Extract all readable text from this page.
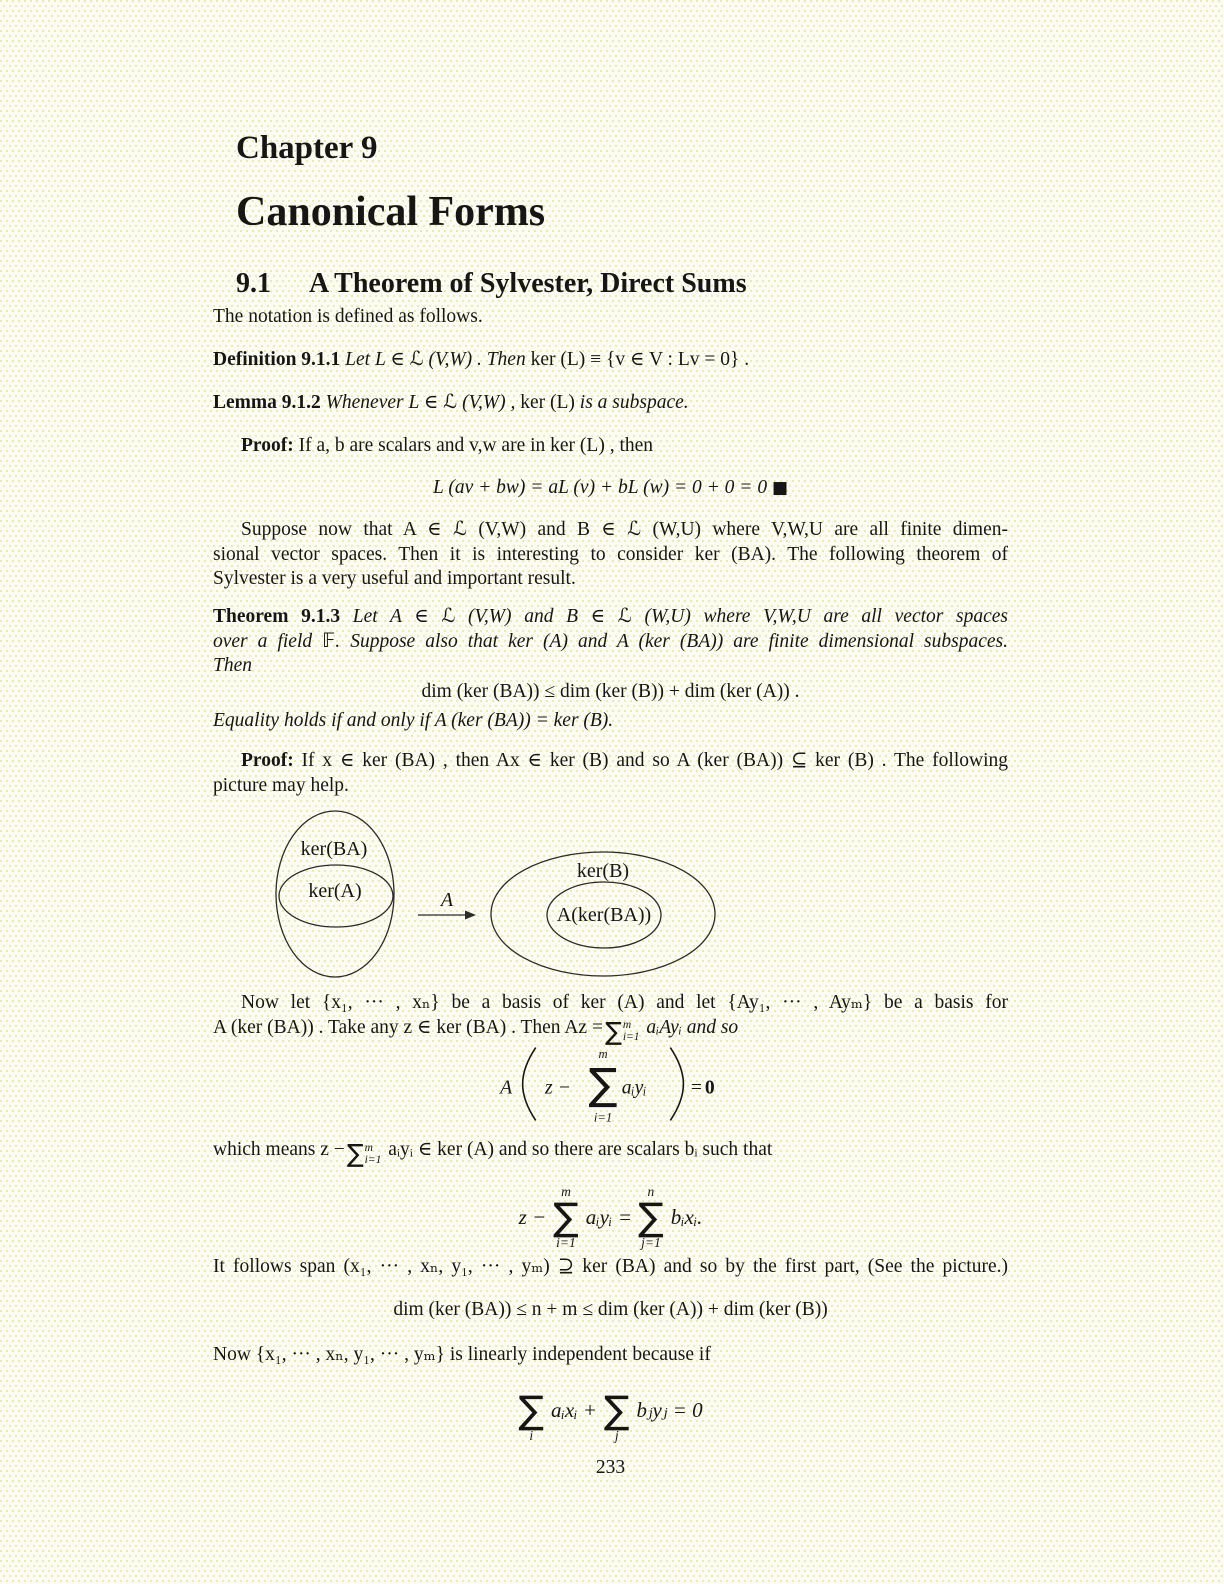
Chapter 9
Canonical Forms
9.1 A Theorem of Sylvester, Direct Sums
The notation is defined as follows.
Definition 9.1.1 Let L ∈ ℒ (V,W) . Then ker (L) ≡ {v ∈ V : Lv = 0} .
Lemma 9.1.2 Whenever L ∈ ℒ (V,W) , ker (L) is a subspace.
Proof: If a, b are scalars and v,w are in ker (L) , then
L (av + bw) = aL (v) + bL (w) = 0 + 0 = 0 ■
Suppose now that A ∈ ℒ (V,W) and B ∈ ℒ (W,U) where V,W,U are all finite dimen-
sional vector spaces. Then it is interesting to consider ker (BA). The following theorem of
Sylvester is a very useful and important result.
Theorem 9.1.3 Let A ∈ ℒ (V,W) and B ∈ ℒ (W,U) where V,W,U are all vector spaces
over a field 𝔽. Suppose also that ker (A) and A (ker (BA)) are finite dimensional subspaces.
Then
dim (ker (BA)) ≤ dim (ker (B)) + dim (ker (A)) .
Equality holds if and only if A (ker (BA)) = ker (B).
Proof: If x ∈ ker (BA) , then Ax ∈ ker (B) and so A (ker (BA)) ⊆ ker (B) . The following
picture may help.
ker(BA)
ker(A)	A
ker(B)
A(ker(BA))
Now let {x₁, ··· , xₙ} be a basis of ker (A) and let {Ay₁, ··· , Ayₘ} be a basis for
A (ker (BA)) . Take any z ∈ ker (BA) . Then Az = ∑ m
i=1 aᵢAyᵢ and so
A z − ∑
m
i=1
aᵢyᵢ = 0
which means z − ∑ m
i=1 aᵢyᵢ ∈ ker (A) and so there are scalars bᵢ such that
z −
m
∑
i=1
aᵢyᵢ =
n
∑
j=1
bᵢxᵢ.
It follows span (x₁, ··· , xₙ, y₁, ··· , yₘ) ⊇ ker (BA) and so by the first part, (See the picture.)
dim (ker (BA)) ≤ n + m ≤ dim (ker (A)) + dim (ker (B))
Now {x₁, ··· , xₙ, y₁, ··· , yₘ} is linearly independent because if
∑
i
aᵢxᵢ + ∑
j
bⱼyⱼ = 0
233
